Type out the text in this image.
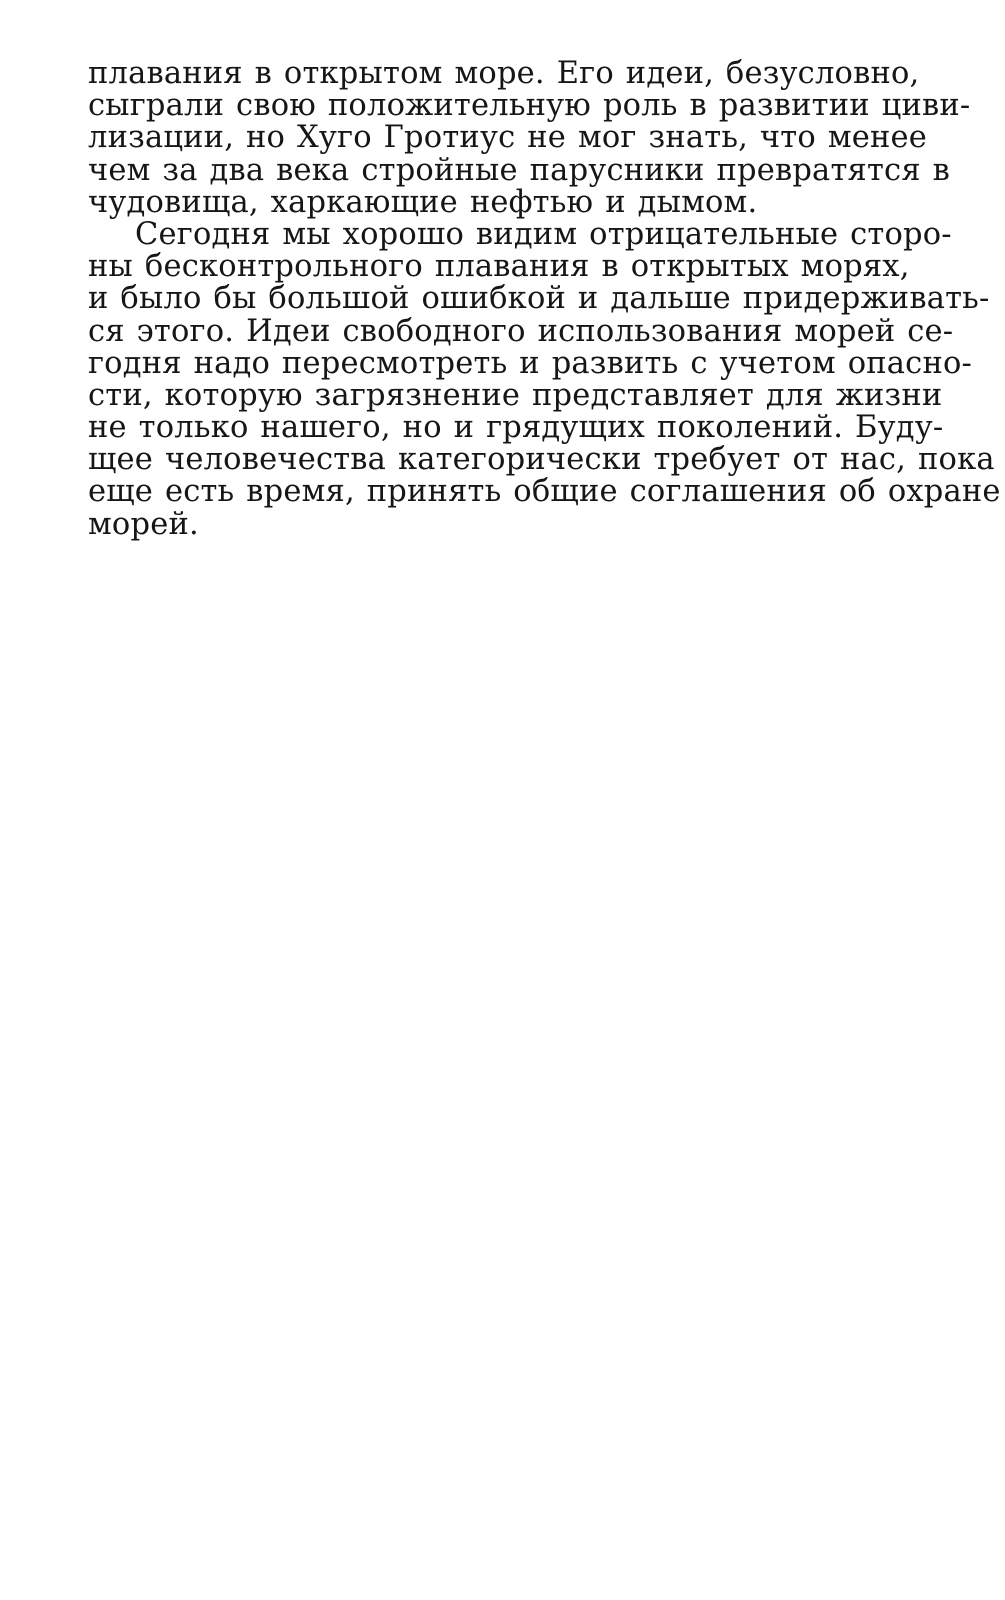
плавания в открытом море. Его идеи, безусловно,
сыграли свою положительную роль в развитии циви-
лизации, но Хуго Гротиус не мог знать, что менее
чем за два века стройные парусники превратятся в
чудовища, харкающие нефтью и дымом.
Сегодня мы хорошо видим отрицательные сторо-
ны бесконтрольного плавания в открытых морях,
и было бы большой ошибкой и дальше придерживать-
ся этого. Идеи свободного использования морей се-
годня надо пересмотреть и развить с учетом опасно-
сти, которую загрязнение представляет для жизни
не только нашего, но и грядущих поколений. Буду-
щее человечества категорически требует от нас, пока
еще есть время, принять общие соглашения об охране
морей.
